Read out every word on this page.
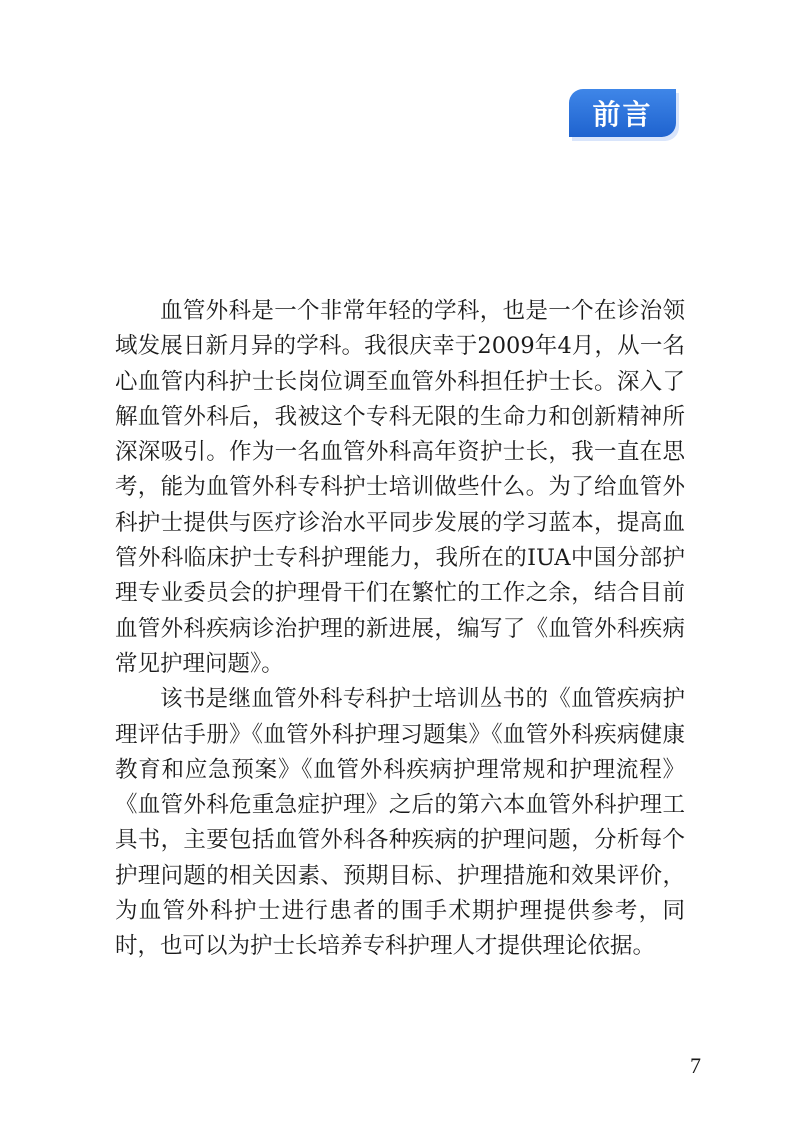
前言

血管外科是一个非常年轻的学科，也是一个在诊治领域发展日新月异的学科。我很庆幸于2009年4月，从一名心血管内科护士长岗位调至血管外科担任护士长。深入了解血管外科后，我被这个专科无限的生命力和创新精神所深深吸引。作为一名血管外科高年资护士长，我一直在思考，能为血管外科专科护士培训做些什么。为了给血管外科护士提供与医疗诊治水平同步发展的学习蓝本，提高血管外科临床护士专科护理能力，我所在的IUA中国分部护理专业委员会的护理骨干们在繁忙的工作之余，结合目前血管外科疾病诊治护理的新进展，编写了《血管外科疾病常见护理问题》。

该书是继血管外科专科护士培训丛书的《血管疾病护理评估手册》《血管外科护理习题集》《血管外科疾病健康教育和应急预案》《血管外科疾病护理常规和护理流程》《血管外科危重急症护理》之后的第六本血管外科护理工具书，主要包括血管外科各种疾病的护理问题，分析每个护理问题的相关因素、预期目标、护理措施和效果评价，为血管外科护士进行患者的围手术期护理提供参考，同时，也可以为护士长培养专科护理人才提供理论依据。

7
